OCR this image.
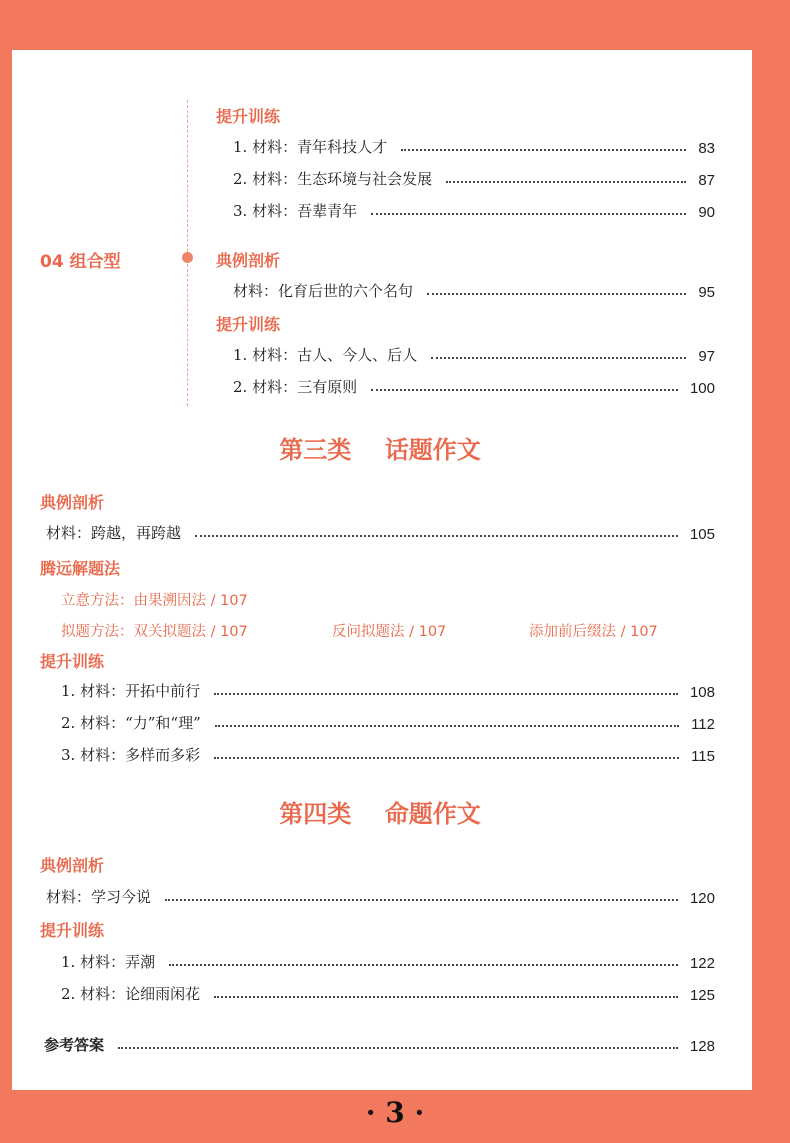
提升训练
1. 材料：青年科技人才	83
2. 材料：生态环境与社会发展	87
3. 材料：吾辈青年	90
04 组合型	典例剖析
材料：化育后世的六个名句	95
提升训练
1. 材料：古人、今人、后人	97
2. 材料：三有原则	100
第三类    话题作文
典例剖析
材料：跨越，再跨越	105
腾远解题法
立意方法：由果溯因法 / 107
拟题方法：双关拟题法 / 107	反问拟题法 / 107	添加前后缀法 / 107
提升训练
1. 材料：开拓中前行	108
2. 材料：“力”和“理”	112
3. 材料：多样而多彩	115
第四类    命题作文
典例剖析
材料：学习今说	120
提升训练
1. 材料：弄潮	122
2. 材料：论细雨闲花	125
参考答案	128
· 3 ·
